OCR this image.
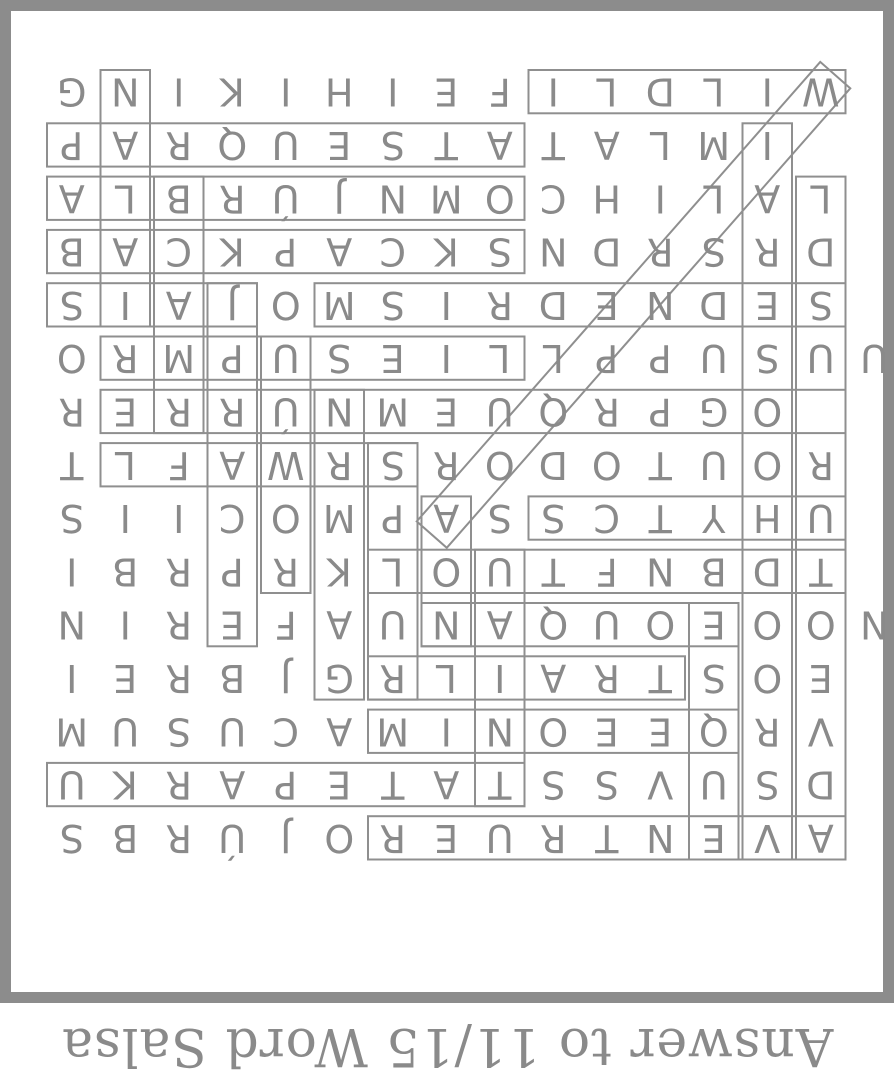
G N I K I H I E F I L D L I W
P A R Q U E S T A T A L M I
A L B R Ú J N M O C H I L A L
B A C K P A C K S N D R S R D
S I A J O M S I R D E N D E S
O R M P U S E I L L P P U S U U
R E R R Ú N M E U Q R P G O
T L F A W R S R O D O T U O R
S I I C O M P A S S C T Y H U
I B R P R K L O U T F N B D T
N I R E F A U N A Q U O E O O N
I E R B J G R L I A R T S O E
M U S U C A M I N O E E Q R V
U K R A P E T A T S S V U S D
S B R Ú J O R E U R T N E V A
Answer to 11/15 Word Salsa
